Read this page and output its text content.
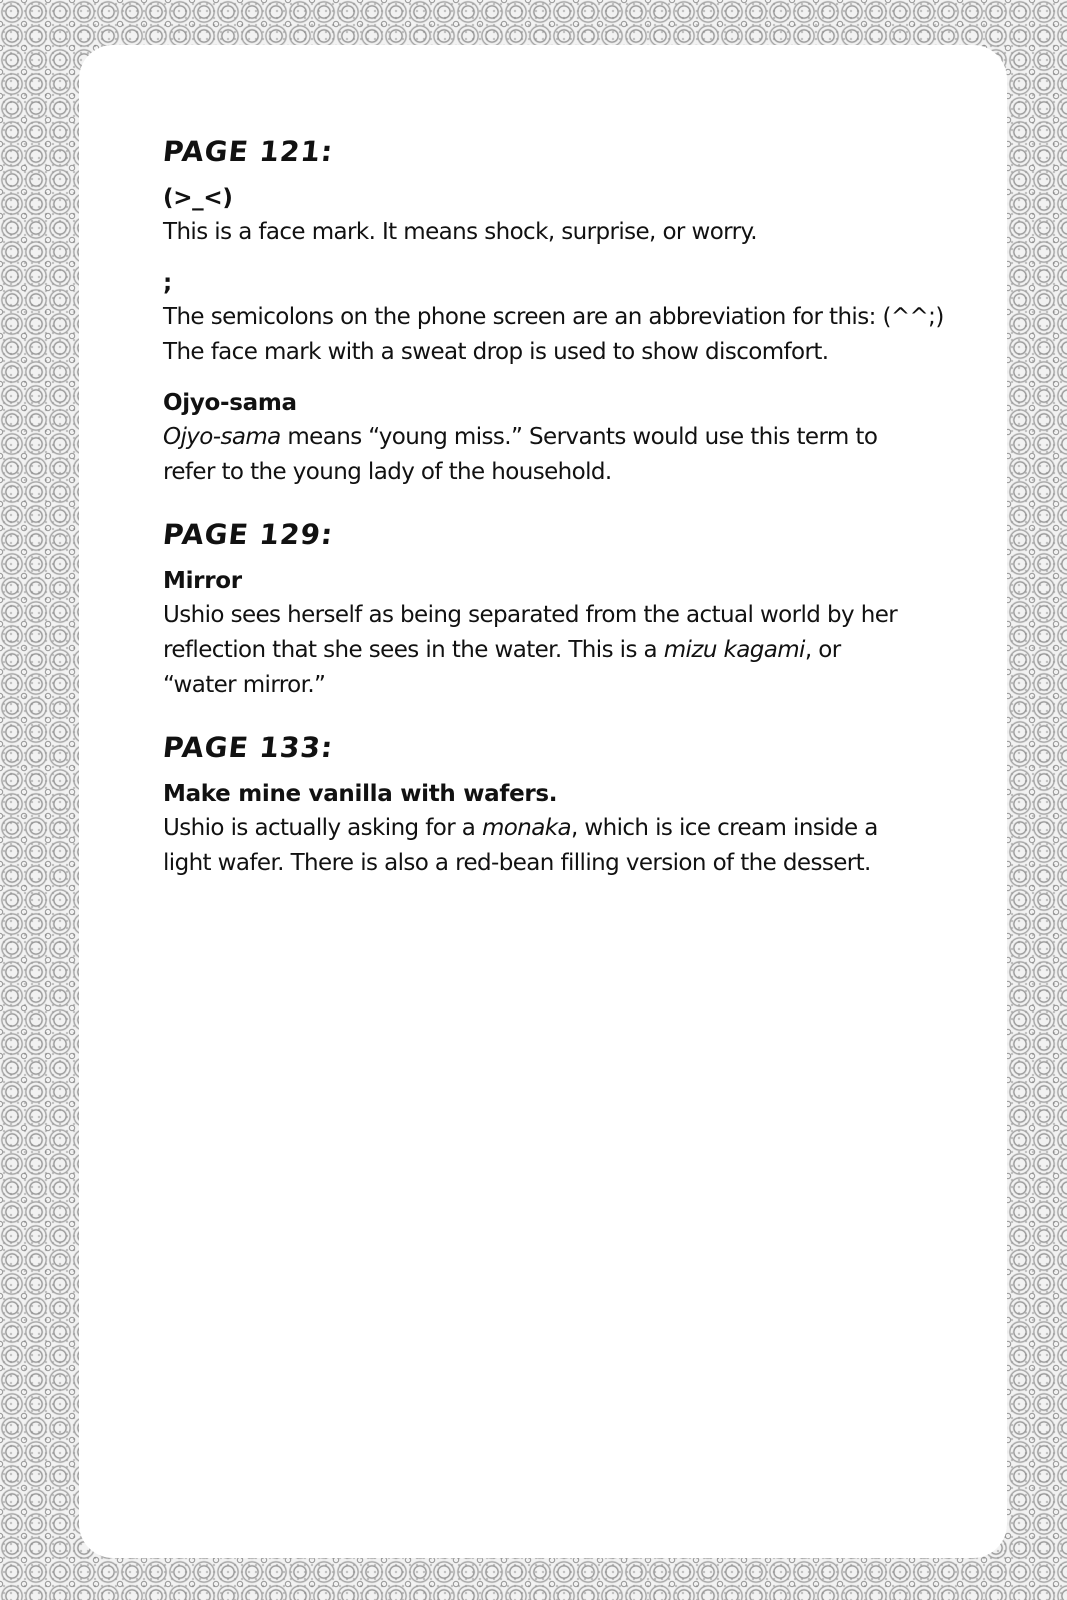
PAGE 121:
(>_<)

This is a face mark. It means shock, surprise, or worry.

;

The semicolons on the phone screen are an abbreviation for this: (^^;)
The face mark with a sweat drop is used to show discomfort.

Ojyo-sama

Ojyo-sama means “young miss.” Servants would use this term to
refer to the young lady of the household.

PAGE 129:
Mirror

Ushio sees herself as being separated from the actual world by her
reflection that she sees in the water. This is a mizu kagami, or
“water mirror.”

PAGE 133:
Make mine vanilla with wafers.

Ushio is actually asking for a monaka, which is ice cream inside a
light wafer. There is also a red-bean filling version of the dessert.
